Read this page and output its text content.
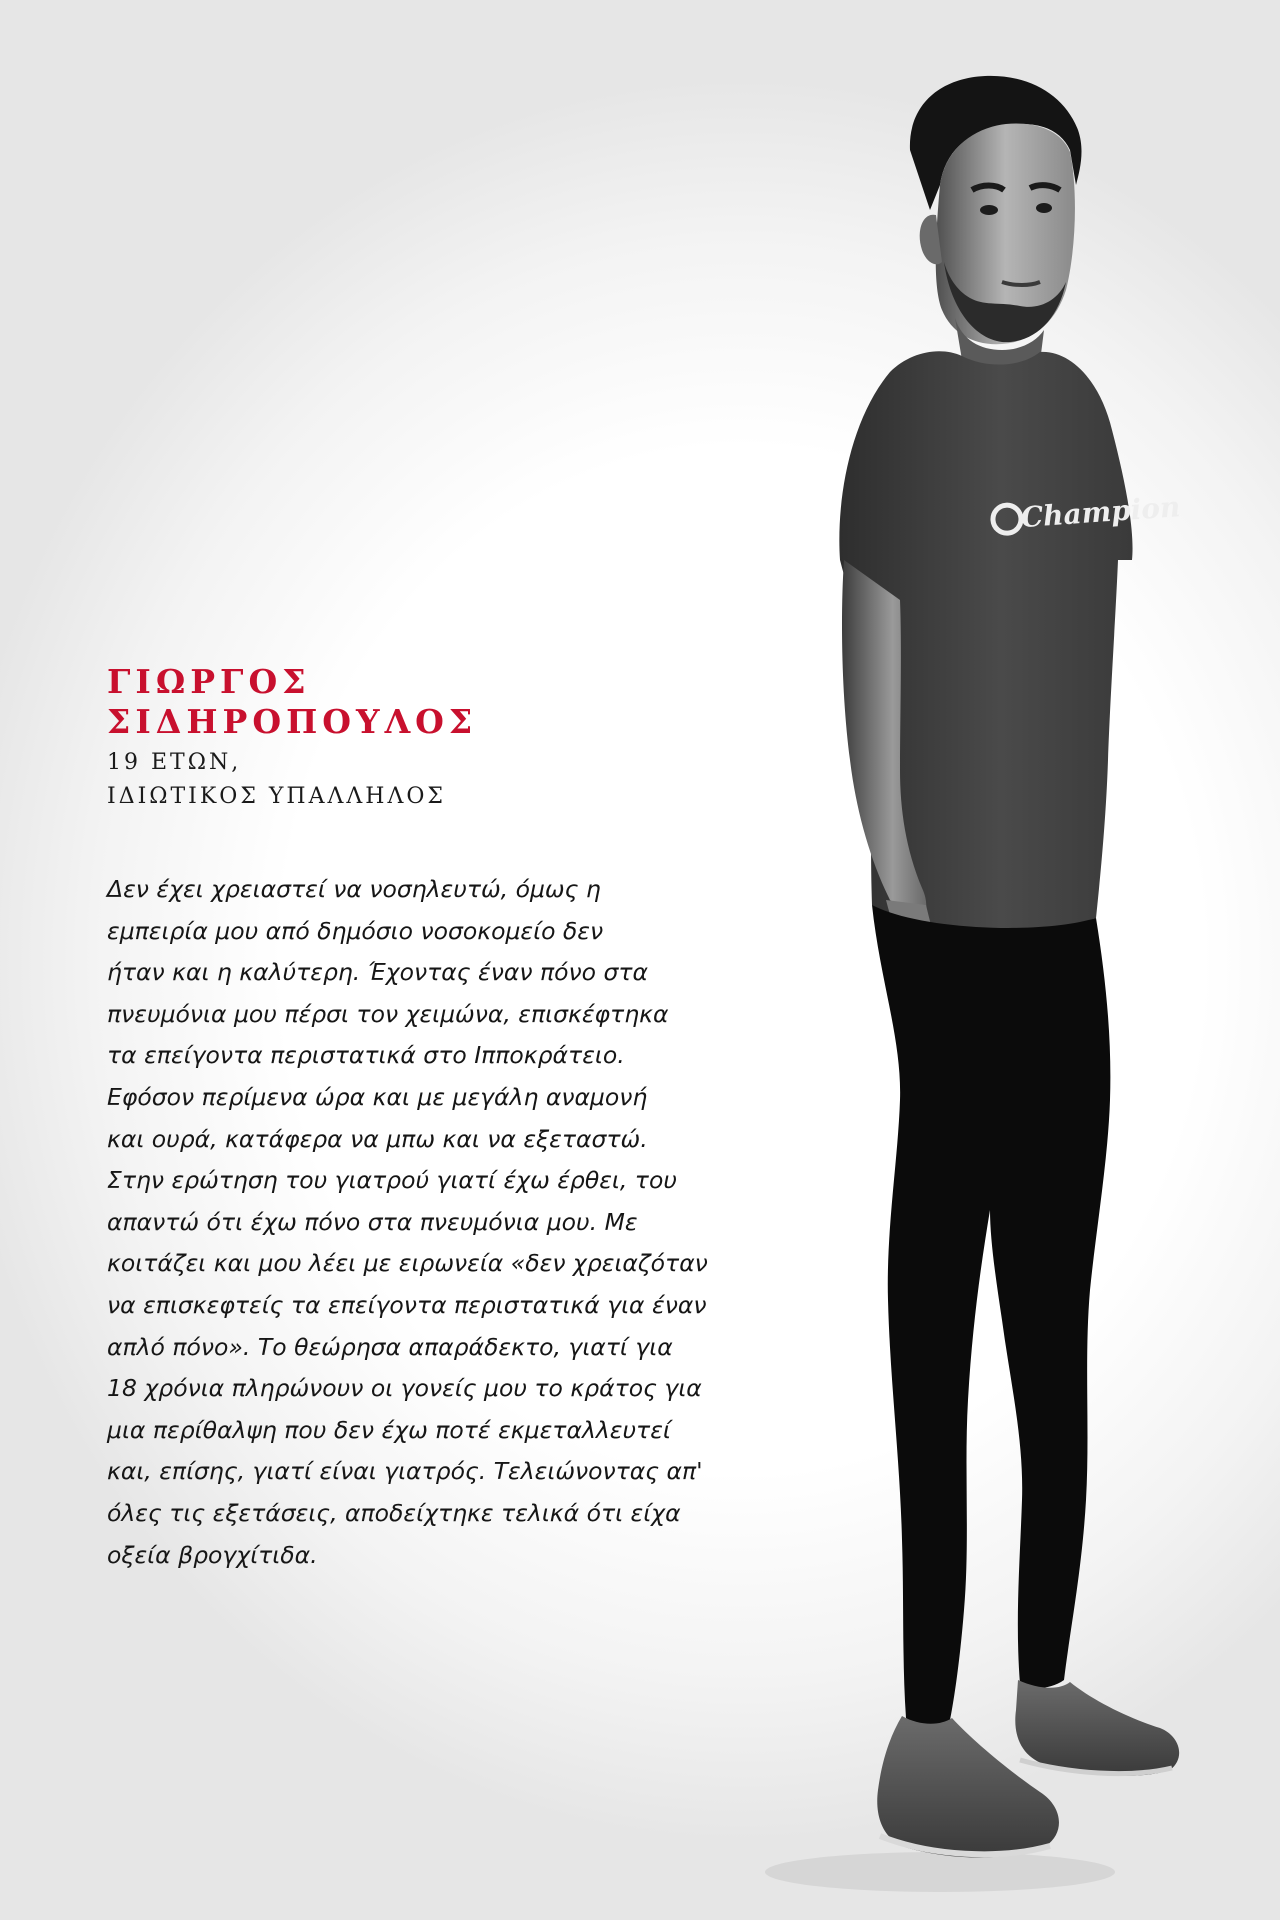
ΓΙΩΡΓΟΣ
ΣΙΔΗΡΟΠΟΥΛΟΣ

19 ΕΤΩΝ,
ΙΔΙΩΤΙΚΟΣ ΥΠΑΛΛΗΛΟΣ

Δεν έχει χρειαστεί να νοσηλευτώ, όμως η
εμπειρία μου από δημόσιο νοσοκομείο δεν
ήταν και η καλύτερη. Έχοντας έναν πόνο στα
πνευμόνια μου πέρσι τον χειμώνα, επισκέφτηκα
τα επείγοντα περιστατικά στο Ιπποκράτειο.
Εφόσον περίμενα ώρα και με μεγάλη αναμονή
και ουρά, κατάφερα να μπω και να εξεταστώ.
Στην ερώτηση του γιατρού γιατί έχω έρθει, του
απαντώ ότι έχω πόνο στα πνευμόνια μου. Με
κοιτάζει και μου λέει με ειρωνεία «δεν χρειαζόταν
να επισκεφτείς τα επείγοντα περιστατικά για έναν
απλό πόνο». Το θεώρησα απαράδεκτο, γιατί για
18 χρόνια πληρώνουν οι γονείς μου το κράτος για
μια περίθαλψη που δεν έχω ποτέ εκμεταλλευτεί
και, επίσης, γιατί είναι γιατρός. Τελειώνοντας απ'
όλες τις εξετάσεις, αποδείχτηκε τελικά ότι είχα
οξεία βρογχίτιδα.

Champion
